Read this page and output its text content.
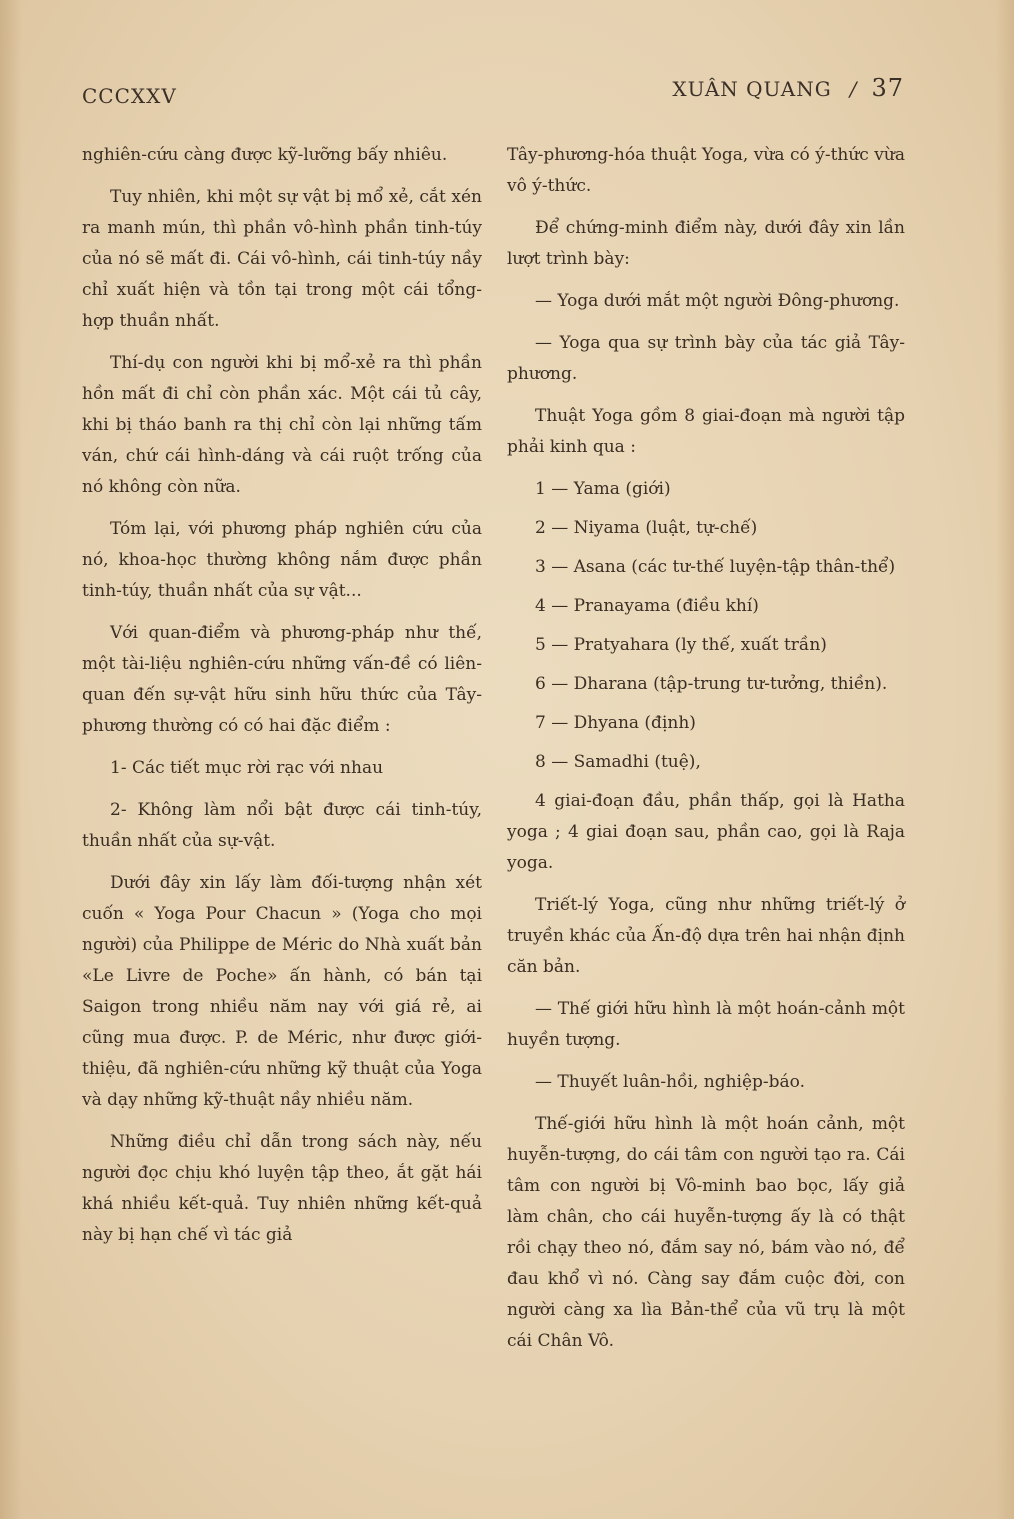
CCCXXV	XUÂN QUANG / 37

nghiên-cứu càng được kỹ-lưỡng bấy nhiêu.

Tuy nhiên, khi một sự vật bị mổ xẻ, cắt xén ra manh mún, thì phần vô-hình phần tinh-túy của nó sẽ mất đi. Cái vô-hình, cái tinh-túy nầy chỉ xuất hiện và tồn tại trong một cái tổng-hợp thuần nhất.

Thí-dụ con người khi bị mổ-xẻ ra thì phần hồn mất đi chỉ còn phần xác. Một cái tủ cây, khi bị tháo banh ra thị chỉ còn lại những tấm ván, chứ cái hình-dáng và cái ruột trống của nó không còn nữa.

Tóm lại, với phương pháp nghiên cứu của nó, khoa-học thường không nắm được phần tinh-túy, thuần nhất của sự vật...

Với quan-điểm và phương-pháp như thế, một tài-liệu nghiên-cứu những vấn-đề có liên-quan đến sự-vật hữu sinh hữu thức của Tây-phương thường có có hai đặc điểm :

1- Các tiết mục rời rạc với nhau

2- Không làm nổi bật được cái tinh-túy, thuần nhất của sự-vật.

Dưới đây xin lấy làm đối-tượng nhận xét cuốn « Yoga Pour Chacun » (Yoga cho mọi người) của Philippe de Méric do Nhà xuất bản «Le Livre de Poche» ấn hành, có bán tại Saigon trong nhiều năm nay với giá rẻ, ai cũng mua được. P. de Méric, như được giới-thiệu, đã nghiên-cứu những kỹ thuật của Yoga và dạy những kỹ-thuật nầy nhiều năm.

Những điều chỉ dẫn trong sách này, nếu người đọc chịu khó luyện tập theo, ắt gặt hái khá nhiều kết-quả. Tuy nhiên những kết-quả này bị hạn chế vì tác giả

Tây-phương-hóa thuật Yoga, vừa có ý-thức vừa vô ý-thức.

Để chứng-minh điểm này, dưới đây xin lần lượt trình bày:

— Yoga dưới mắt một người Đông-phương.

— Yoga qua sự trình bày của tác giả Tây-phương.

Thuật Yoga gồm 8 giai-đoạn mà người tập phải kinh qua :

1 — Yama (giới)

2 — Niyama (luật, tự-chế)

3 — Asana (các tư-thế luyện-tập thân-thể)

4 — Pranayama (điều khí)

5 — Pratyahara (ly thế, xuất trần)

6 — Dharana (tập-trung tư-tưởng, thiền).

7 — Dhyana (định)

8 — Samadhi (tuệ),

4 giai-đoạn đầu, phần thấp, gọi là Hatha yoga ; 4 giai đoạn sau, phần cao, gọi là Raja yoga.

Triết-lý Yoga, cũng như những triết-lý ở truyền khác của Ấn-độ dựa trên hai nhận định căn bản.

— Thế giới hữu hình là một hoán-cảnh một huyền tượng.

— Thuyết luân-hồi, nghiệp-báo.

Thế-giới hữu hình là một hoán cảnh, một huyễn-tượng, do cái tâm con người tạo ra. Cái tâm con người bị Vô-minh bao bọc, lấy giả làm chân, cho cái huyễn-tượng ấy là có thật rồi chạy theo nó, đắm say nó, bám vào nó, để đau khổ vì nó. Càng say đắm cuộc đời, con người càng xa lìa Bản-thể của vũ trụ là một cái Chân Vô.
